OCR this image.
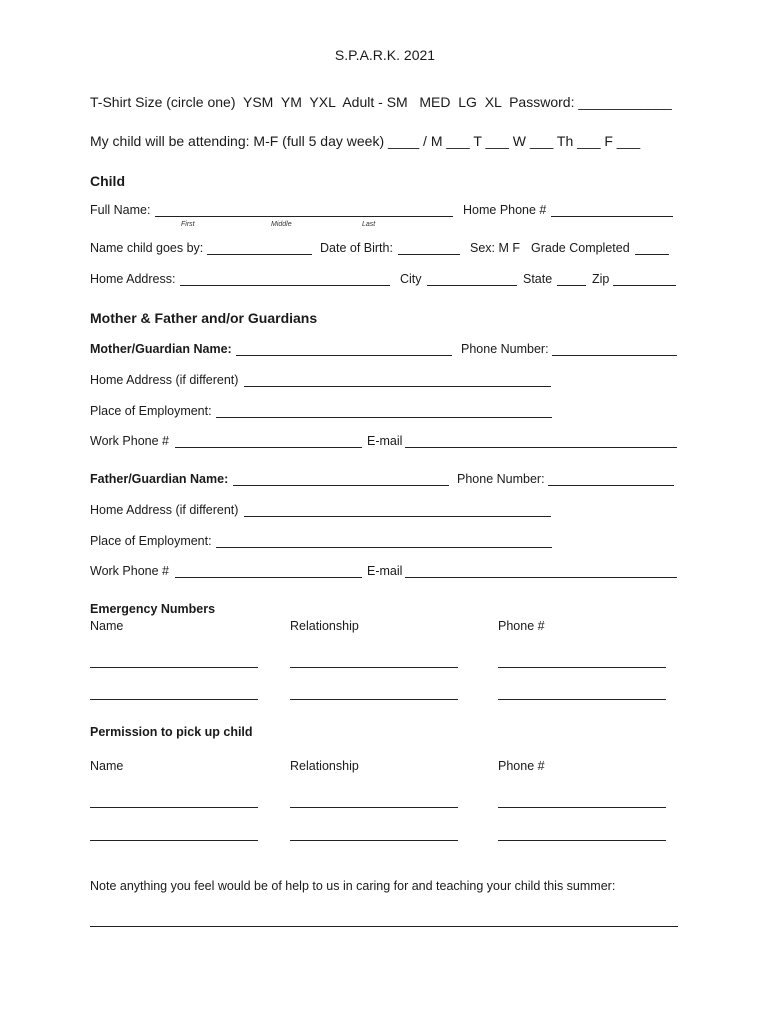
S.P.A.R.K. 2021
T-Shirt Size (circle one)  YSM  YM  YXL  Adult - SM   MED  LG  XL  Password: ____________
My child will be attending: M-F (full 5 day week) ____ / M ___ T ___ W ___ Th ___ F ___
Child
Full Name:	Home Phone #
First	Middle	Last
Name child goes by:	Date of Birth:	Sex: M F Grade Completed
Home Address:	City	State	Zip
Mother & Father and/or Guardians
Mother/Guardian Name:	Phone Number:
Home Address (if different)
Place of Employment:
Work Phone #	E-mail
Father/Guardian Name:	Phone Number:
Home Address (if different)
Place of Employment:
Work Phone #	E-mail
Emergency Numbers
Name	Relationship	Phone #
Permission to pick up child
Name	Relationship	Phone #
Note anything you feel would be of help to us in caring for and teaching your child this summer:
